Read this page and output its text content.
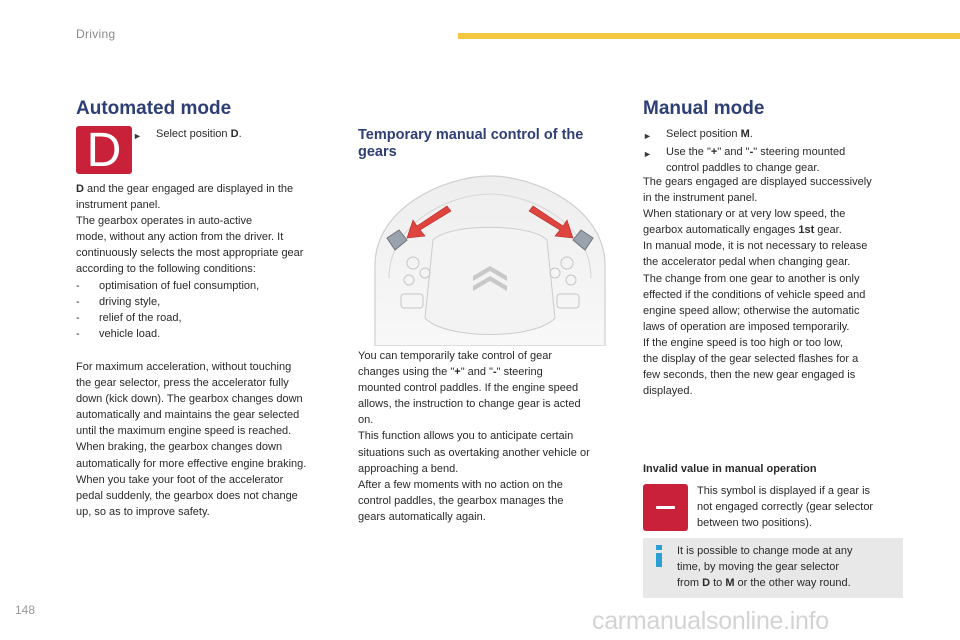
Driving
Automated mode
D ►	Select position D.

D and the gear engaged are displayed in the

instrument panel.

The gearbox operates in auto-active

mode, without any action from the driver. It

continuously selects the most appropriate gear

according to the following conditions:

-	optimisation of fuel consumption,
-	driving style,
-	relief of the road,
-	vehicle load.

For maximum acceleration, without touching

the gear selector, press the accelerator fully

down (kick down). The gearbox changes down

automatically and maintains the gear selected

until the maximum engine speed is reached.

When braking, the gearbox changes down

automatically for more effective engine braking.

When you take your foot of the accelerator

pedal suddenly, the gearbox does not change

up, so as to improve safety.

Temporary manual control of the
gears

You can temporarily take control of gear

changes using the "+" and "-" steering

mounted control paddles. If the engine speed

allows, the instruction to change gear is acted

on.

This function allows you to anticipate certain

situations such as overtaking another vehicle or

approaching a bend.

After a few moments with no action on the

control paddles, the gearbox manages the

gears automatically again.

Manual mode
►	Select position M.
►	Use the "+" and "-" steering mounted
control paddles to change gear.

The gears engaged are displayed successively

in the instrument panel.

When stationary or at very low speed, the

gearbox automatically engages 1st gear.

In manual mode, it is not necessary to release

the accelerator pedal when changing gear.

The change from one gear to another is only

effected if the conditions of vehicle speed and

engine speed allow; otherwise the automatic

laws of operation are imposed temporarily.

If the engine speed is too high or too low,

the display of the gear selected flashes for a

few seconds, then the new gear engaged is

displayed.

Invalid value in manual operation

This symbol is displayed if a gear is

not engaged correctly (gear selector

between two positions).

It is possible to change mode at any

time, by moving the gear selector

from D to M or the other way round.

148	carmanualsonline.info
